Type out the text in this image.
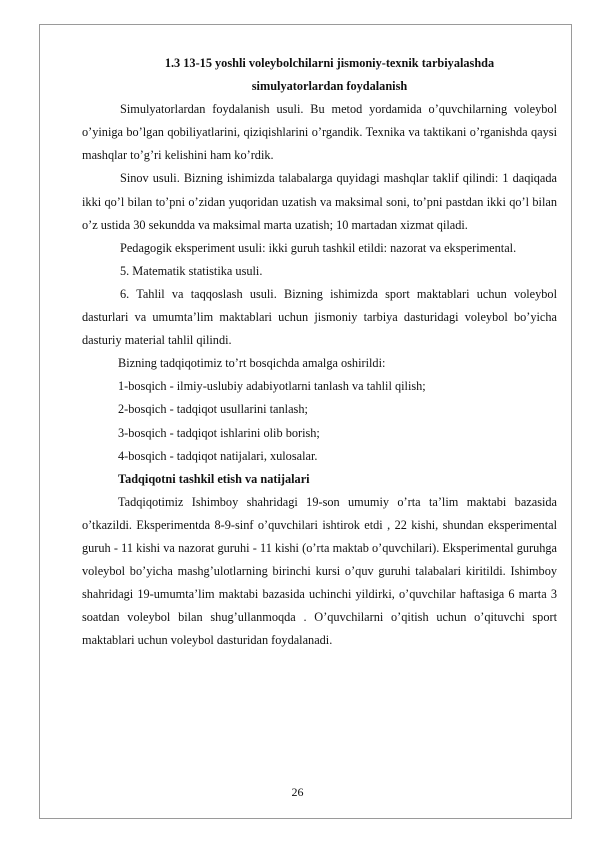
1.3 13-15 yoshli voleybolchilarni jismoniy-texnik tarbiyalashda
simulyatorlardan foydalanish

Simulyatorlardan foydalanish usuli. Bu metod yordamida o’quvchilarning voleybol o’yiniga bo’lgan qobiliyatlarini, qiziqishlarini o’rgandik. Texnika va taktikani o’rganishda qaysi mashqlar to’g’ri kelishini ham ko’rdik.

Sinov usuli. Bizning ishimizda talabalarga quyidagi mashqlar taklif qilindi: 1 daqiqada ikki qo’l bilan to’pni o’zidan yuqoridan uzatish va maksimal soni, to’pni pastdan ikki qo’l bilan o’z ustida 30 sekundda va maksimal marta uzatish; 10 martadan xizmat qiladi.

Pedagogik eksperiment usuli: ikki guruh tashkil etildi: nazorat va eksperimental.

5. Matematik statistika usuli.

6. Tahlil va taqqoslash usuli. Bizning ishimizda sport maktablari uchun voleybol dasturlari va umumta’lim maktablari uchun jismoniy tarbiya dasturidagi voleybol bo’yicha dasturiy material tahlil qilindi.

Bizning tadqiqotimiz to’rt bosqichda amalga oshirildi:

1-bosqich - ilmiy-uslubiy adabiyotlarni tanlash va tahlil qilish;

2-bosqich - tadqiqot usullarini tanlash;

3-bosqich - tadqiqot ishlarini olib borish;

4-bosqich - tadqiqot natijalari, xulosalar.

Tadqiqotni tashkil etish va natijalari

Tadqiqotimiz Ishimboy shahridagi 19-son umumiy o’rta ta’lim maktabi bazasida o’tkazildi. Eksperimentda 8-9-sinf o’quvchilari ishtirok etdi , 22 kishi, shundan eksperimental guruh - 11 kishi va nazorat guruhi - 11 kishi (o’rta maktab o’quvchilari). Eksperimental guruhga voleybol bo’yicha mashg’ulotlarning birinchi kursi o’quv guruhi talabalari kiritildi. Ishimboy shahridagi 19-umumta’lim maktabi bazasida uchinchi yildirki, o’quvchilar haftasiga 6 marta 3 soatdan voleybol bilan shug’ullanmoqda . O’quvchilarni o’qitish uchun o’qituvchi sport maktablari uchun voleybol dasturidan foydalanadi.

26
